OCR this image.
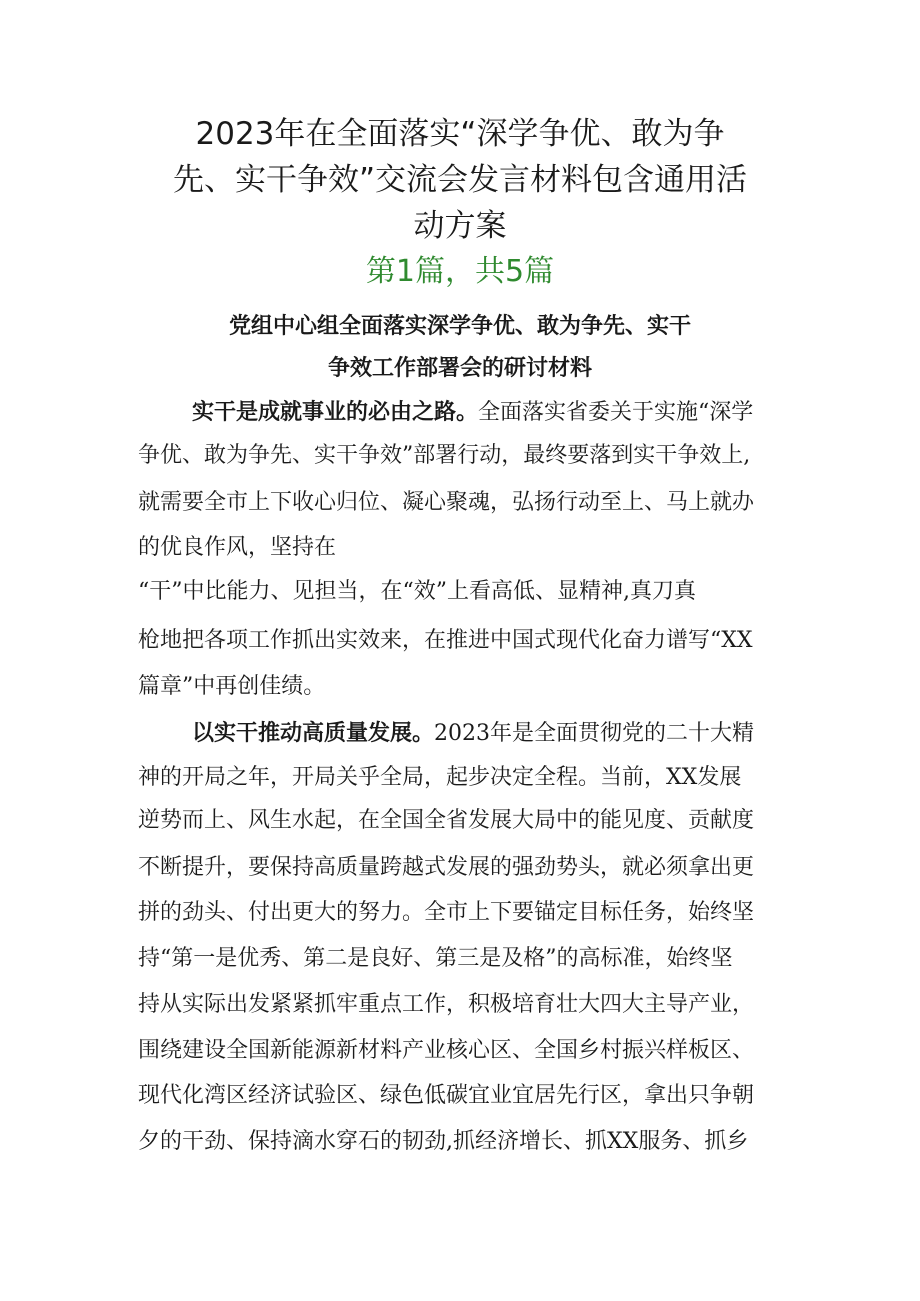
2023年在全面落实“深学争优、敢为争
先、实干争效”交流会发言材料包含通用活
动方案
第1篇，共5篇
党组中心组全面落实深学争优、敢为争先、实干
争效工作部署会的研讨材料
实干是成就事业的必由之路。全面落实省委关于实施“深学
争优、敢为争先、实干争效”部署行动，最终要落到实干争效上,
就需要全市上下收心归位、凝心聚魂，弘扬行动至上、马上就办
的优良作风，坚持在
“干”中比能力、见担当，在“效”上看高低、显精神,真刀真
枪地把各项工作抓出实效来，在推进中国式现代化奋力谱写“XX
篇章”中再创佳绩。
以实干推动高质量发展。2023年是全面贯彻党的二十大精
神的开局之年，开局关乎全局，起步决定全程。当前，XX发展
逆势而上、风生水起，在全国全省发展大局中的能见度、贡献度
不断提升，要保持高质量跨越式发展的强劲势头，就必须拿出更
拼的劲头、付出更大的努力。全市上下要锚定目标任务，始终坚
持“第一是优秀、第二是良好、第三是及格”的高标准，始终坚
持从实际出发紧紧抓牢重点工作，积极培育壮大四大主导产业，
围绕建设全国新能源新材料产业核心区、全国乡村振兴样板区、
现代化湾区经济试验区、绿色低碳宜业宜居先行区，拿出只争朝
夕的干劲、保持滴水穿石的韧劲,抓经济增长、抓XX服务、抓乡
